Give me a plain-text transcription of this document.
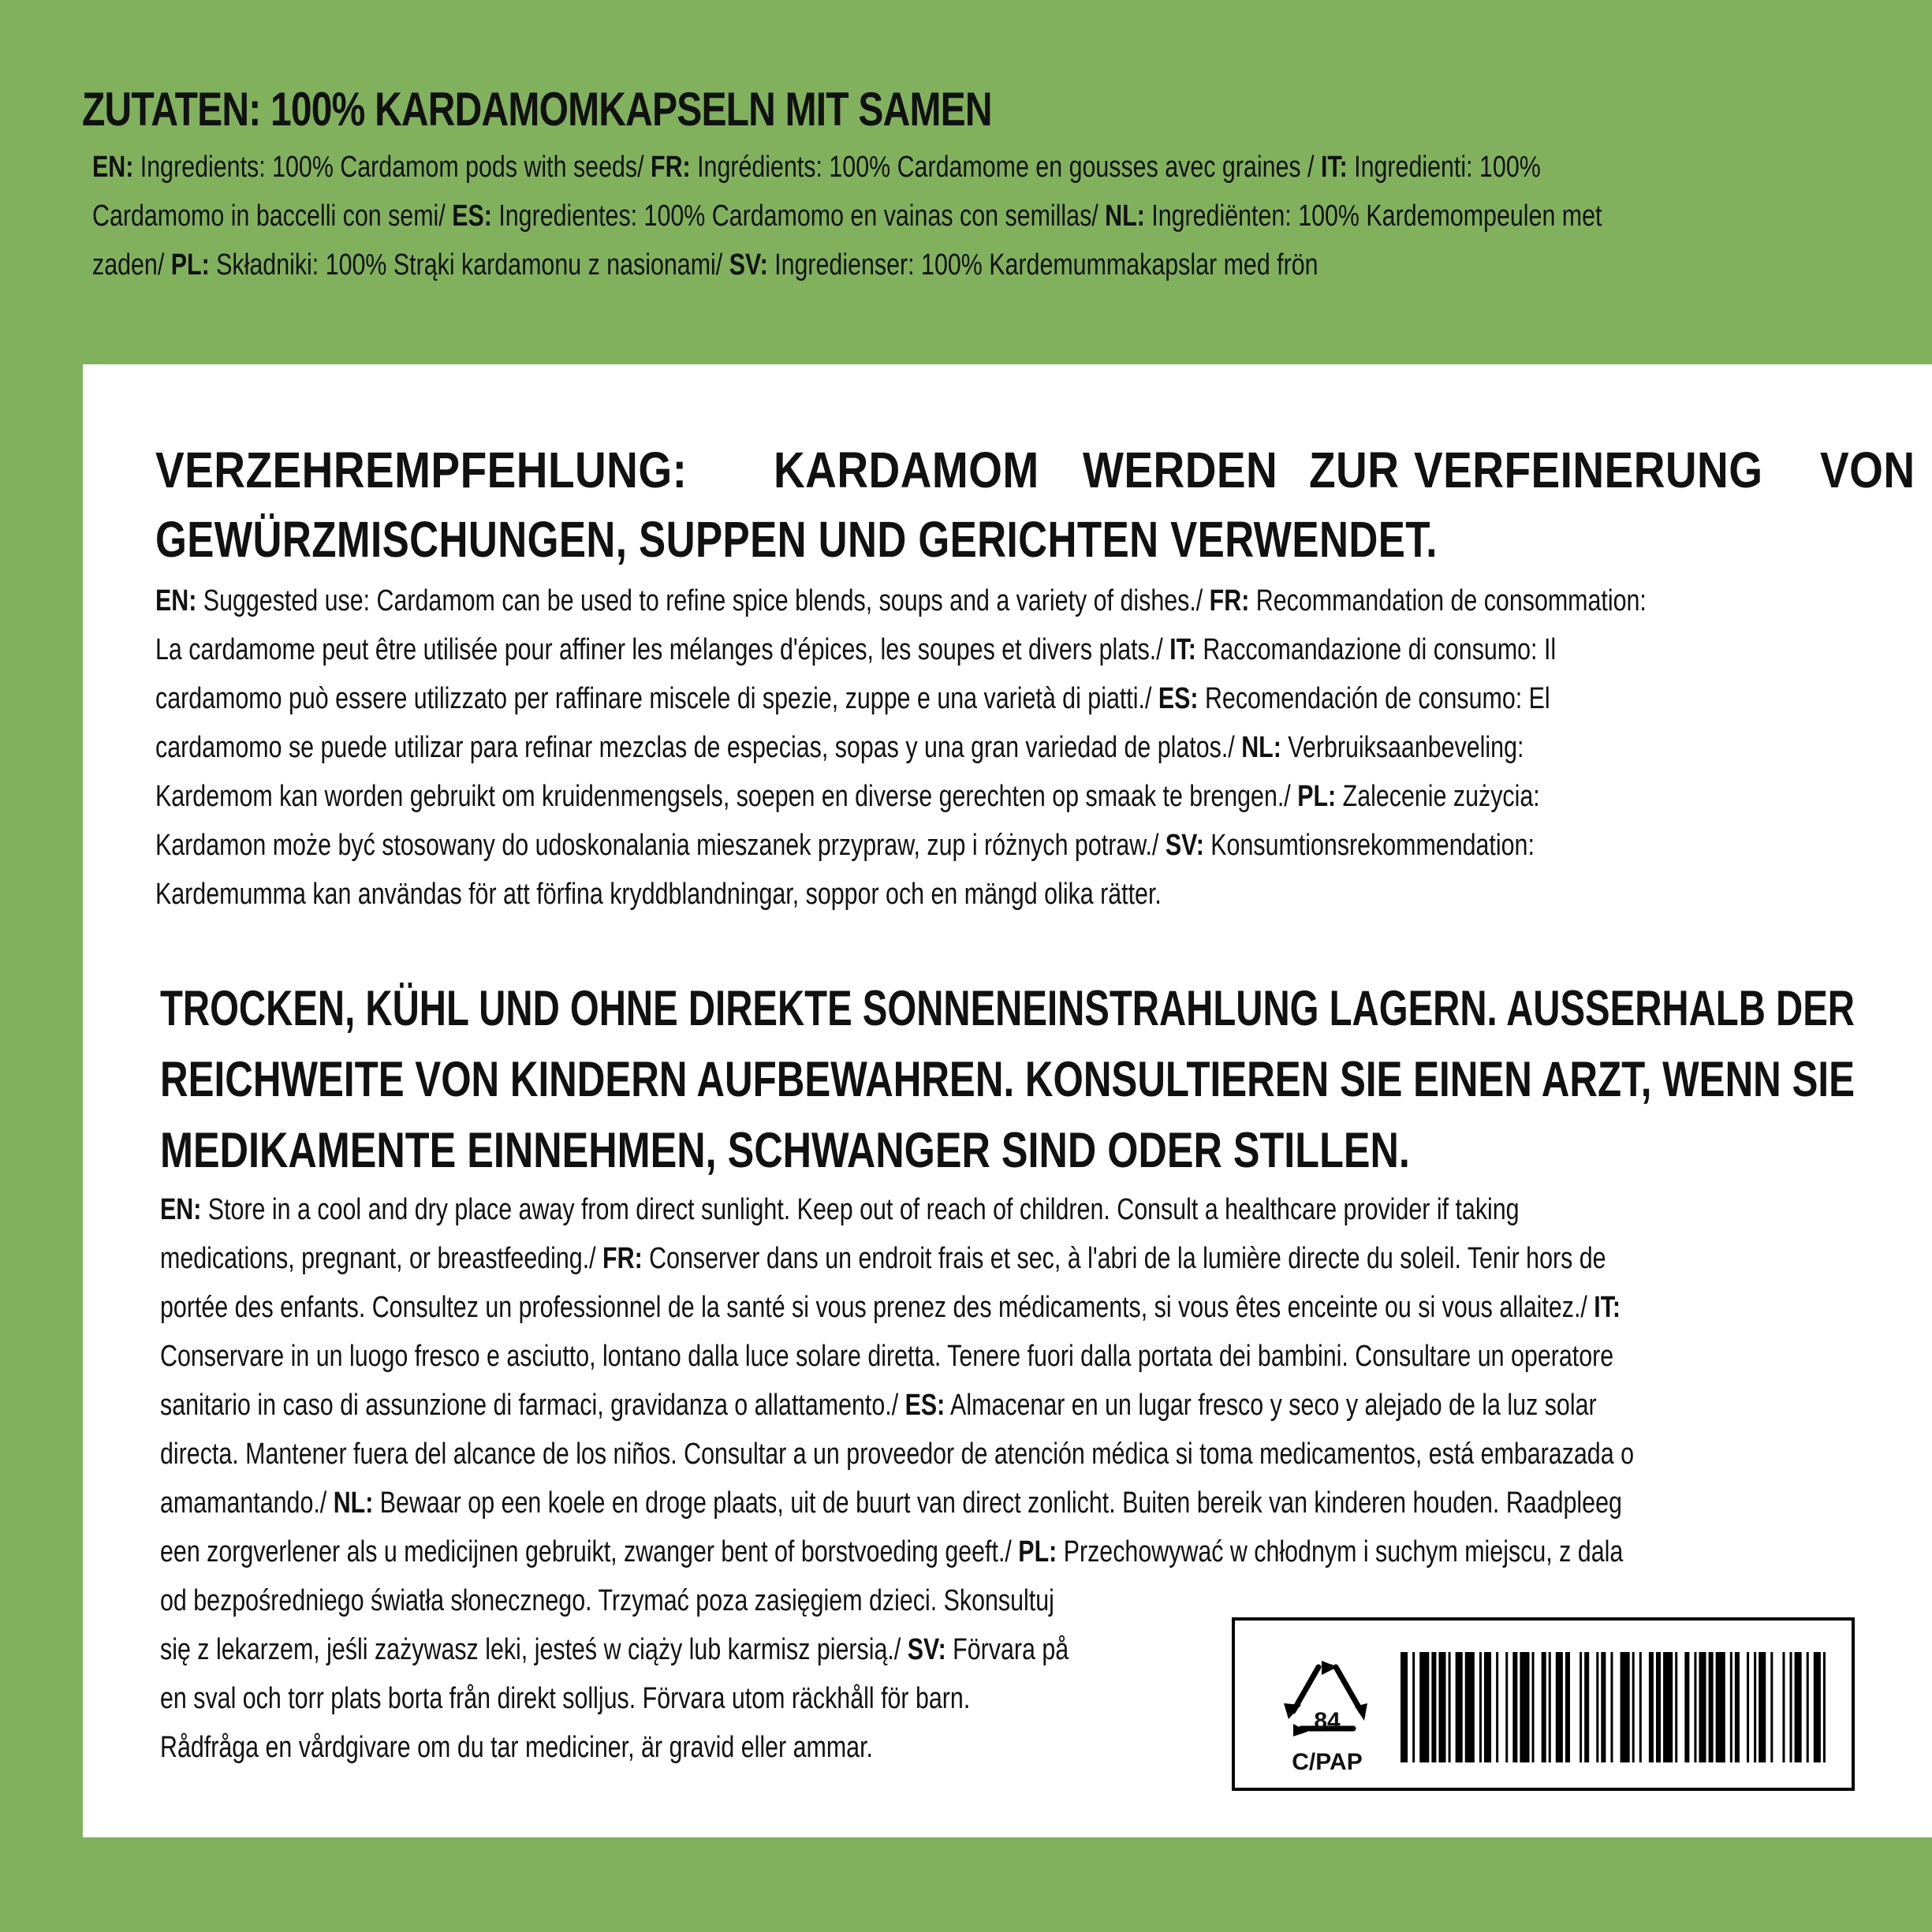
ZUTATEN: 100% KARDAMOMKAPSELN MIT SAMEN
EN: Ingredients: 100% Cardamom pods with seeds/ FR: Ingrédients: 100% Cardamome en gousses avec graines / IT: Ingredienti: 100%
Cardamomo in baccelli con semi/ ES: Ingredientes: 100% Cardamomo en vainas con semillas/ NL: Ingrediënten: 100% Kardemompeulen met
zaden/ PL: Składniki: 100% Strąki kardamonu z nasionami/ SV: Ingredienser: 100% Kardemummakapslar med frön
VERZEHREMPFEHLUNG: KARDAMOM WERDEN ZUR VERFEINERUNG VON
GEWÜRZMISCHUNGEN, SUPPEN UND GERICHTEN VERWENDET.
EN: Suggested use: Cardamom can be used to refine spice blends, soups and a variety of dishes./ FR: Recommandation de consommation:
La cardamome peut être utilisée pour affiner les mélanges d'épices, les soupes et divers plats./ IT: Raccomandazione di consumo: Il
cardamomo può essere utilizzato per raffinare miscele di spezie, zuppe e una varietà di piatti./ ES: Recomendación de consumo: El
cardamomo se puede utilizar para refinar mezclas de especias, sopas y una gran variedad de platos./ NL: Verbruiksaanbeveling:
Kardemom kan worden gebruikt om kruidenmengsels, soepen en diverse gerechten op smaak te brengen./ PL: Zalecenie zużycia:
Kardamon może być stosowany do udoskonalania mieszanek przypraw, zup i różnych potraw./ SV: Konsumtionsrekommendation:
Kardemumma kan användas för att förfina kryddblandningar, soppor och en mängd olika rätter.
TROCKEN, KÜHL UND OHNE DIREKTE SONNENEINSTRAHLUNG LAGERN. AUSSERHALB DER
REICHWEITE VON KINDERN AUFBEWAHREN. KONSULTIEREN SIE EINEN ARZT, WENN SIE
MEDIKAMENTE EINNEHMEN, SCHWANGER SIND ODER STILLEN.
EN: Store in a cool and dry place away from direct sunlight. Keep out of reach of children. Consult a healthcare provider if taking
medications, pregnant, or breastfeeding./ FR: Conserver dans un endroit frais et sec, à l'abri de la lumière directe du soleil. Tenir hors de
portée des enfants. Consultez un professionnel de la santé si vous prenez des médicaments, si vous êtes enceinte ou si vous allaitez./ IT:
Conservare in un luogo fresco e asciutto, lontano dalla luce solare diretta. Tenere fuori dalla portata dei bambini. Consultare un operatore
sanitario in caso di assunzione di farmaci, gravidanza o allattamento./ ES: Almacenar en un lugar fresco y seco y alejado de la luz solar
directa. Mantener fuera del alcance de los niños. Consultar a un proveedor de atención médica si toma medicamentos, está embarazada o
amamantando./ NL: Bewaar op een koele en droge plaats, uit de buurt van direct zonlicht. Buiten bereik van kinderen houden. Raadpleeg
een zorgverlener als u medicijnen gebruikt, zwanger bent of borstvoeding geeft./ PL: Przechowywać w chłodnym i suchym miejscu, z dala
od bezpośredniego światła słonecznego. Trzymać poza zasięgiem dzieci. Skonsultuj
się z lekarzem, jeśli zażywasz leki, jesteś w ciąży lub karmisz piersią./ SV: Förvara på
en sval och torr plats borta från direkt solljus. Förvara utom räckhåll för barn.
Rådfråga en vårdgivare om du tar mediciner, är gravid eller ammar.
84
C/PAP
